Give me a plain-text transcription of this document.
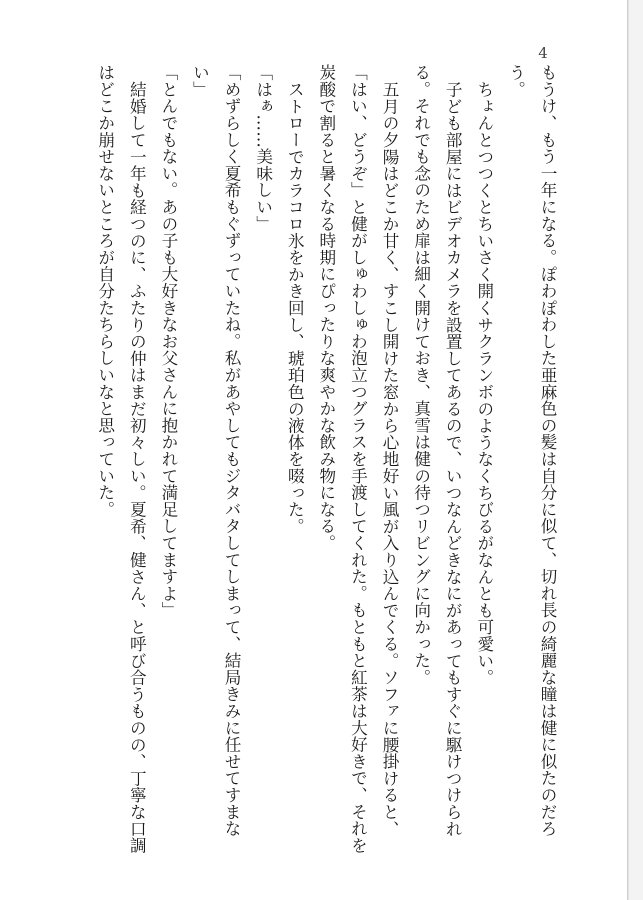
4

もうけ、もう一年になる。ぽわぽわした亜麻色の髪は自分に似て、切れ長の綺麗な瞳は健に似たのだろう。

ちょんとつつくとちいさく開くサクランボのようなくちびるがなんとも可愛い。

子ども部屋にはビデオカメラを設置してあるので、いつなんどきなにがあってもすぐに駆けつけられる。それでも念のため扉は細く開けておき、真雪は健の待つリビングに向かった。

五月の夕陽はどこか甘く、すこし開けた窓から心地好い風が入り込んでくる。ソファに腰掛けると、「はい、どうぞ」と健がしゅわしゅわ泡立つグラスを手渡してくれた。もともと紅茶は大好きで、それを炭酸で割ると暑くなる時期にぴったりな爽やかな飲み物になる。

ストローでカラコロ氷をかき回し、琥珀色の液体を啜った。

「はぁ……美味しい」

「めずらしく夏希もぐずっていたね。私があやしてもジタバタしてしまって、結局きみに任せてすまない」

「とんでもない。あの子も大好きなお父さんに抱かれて満足してますよ」

結婚して一年も経つのに、ふたりの仲はまだ初々しい。夏希、健さん、と呼び合うものの、丁寧な口調はどこか崩せないところが自分たちらしいなと思っていた。
